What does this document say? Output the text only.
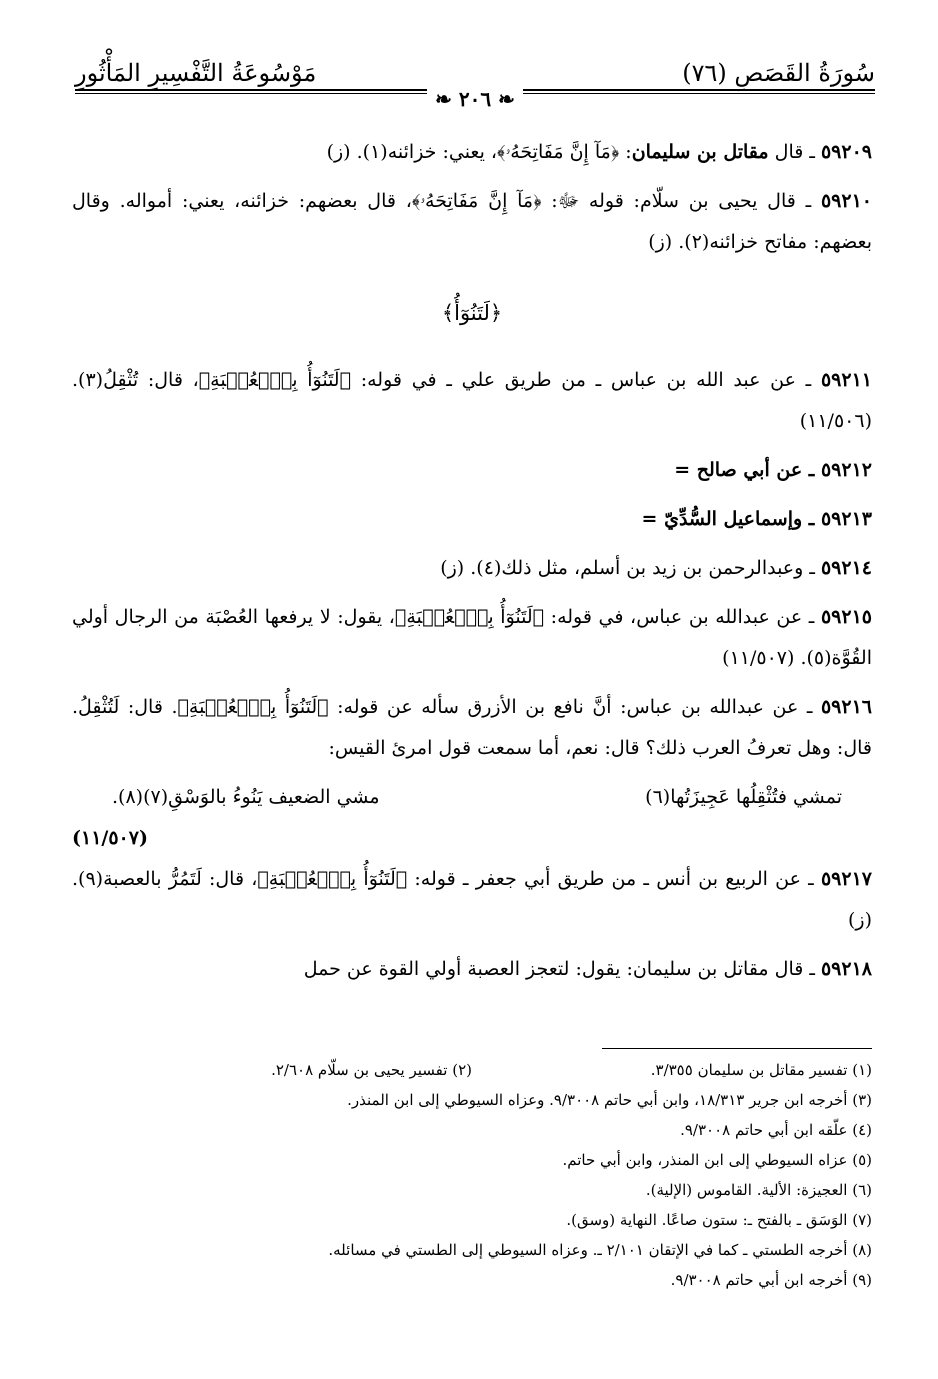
سُورَةُ القَصَصِ (٧٦)
مَوْسُوعَةُ التَّفْسِيرِ المَأْثُورِ
❧ ٢٠٦ ❧

٥٩٢٠٩ ـ قال مقاتل بن سليمان: ﴿مَآ إِنَّ مَفَاتِحَهُۥ﴾، يعني: خزائنه(١). (ز)

٥٩٢١٠ ـ قال يحيى بن سلّام: قوله ﷻ: ﴿مَآ إِنَّ مَفَاتِحَهُۥ﴾، قال بعضهم: خزائنه، يعني: أمواله. وقال بعضهم: مفاتح خزائنه(٢). (ز)

﴿لَتَنُوٓأُ﴾

٥٩٢١١ ـ عن عبد الله بن عباس ـ من طريق علي ـ في قوله: ﴿لَتَنُوٓأُ بِٱلۡعُصۡبَةِ﴾، قال: تُثْقِلُ(٣). (١١/٥٠٦)

٥٩٢١٢ ـ عن أبي صالح =

٥٩٢١٣ ـ وإسماعيل السُّدِّيّ =

٥٩٢١٤ ـ وعبدالرحمن بن زيد بن أسلم، مثل ذلك(٤). (ز)

٥٩٢١٥ ـ عن عبدالله بن عباس، في قوله: ﴿لَتَنُوٓأُ بِٱلۡعُصۡبَةِ﴾، يقول: لا يرفعها العُصْبَة من الرجال أولي القُوَّة(٥). (١١/٥٠٧)

٥٩٢١٦ ـ عن عبدالله بن عباس: أنَّ نافع بن الأزرق سأله عن قوله: ﴿لَتَنُوٓأُ بِٱلۡعُصۡبَةِ﴾. قال: لَتُثْقِلُ. قال: وهل تعرفُ العرب ذلك؟ قال: نعم، أما سمعت قول امرئ القيس:

تمشي فتُثْقِلُها عَجِيزَتُها(٦)
مشي الضعيف يَنُوءُ بالوَسْقِ(٧)(٨).
(١١/٥٠٧)

٥٩٢١٧ ـ عن الربيع بن أنس ـ من طريق أبي جعفر ـ قوله: ﴿لَتَنُوٓأُ بِٱلۡعُصۡبَةِ﴾، قال: لَتَمُرُّ بالعصبة(٩). (ز)

٥٩٢١٨ ـ قال مقاتل بن سليمان: يقول: لتعجز العصبة أولي القوة عن حمل

(١) تفسير مقاتل بن سليمان ٣/٣٥٥.
(٢) تفسير يحيى بن سلّام ٢/٦٠٨.
(٣) أخرجه ابن جرير ١٨/٣١٣، وابن أبي حاتم ٩/٣٠٠٨. وعزاه السيوطي إلى ابن المنذر.
(٤) علّقه ابن أبي حاتم ٩/٣٠٠٨.
(٥) عزاه السيوطي إلى ابن المنذر، وابن أبي حاتم.
(٦) العجيزة: الألية. القاموس (الإلية).
(٧) الوَسَق ـ بالفتح ـ: ستون صاعًا. النهاية (وسق).
(٨) أخرجه الطستي ـ كما في الإتقان ٢/١٠١ ـ. وعزاه السيوطي إلى الطستي في مسائله.
(٩) أخرجه ابن أبي حاتم ٩/٣٠٠٨.
